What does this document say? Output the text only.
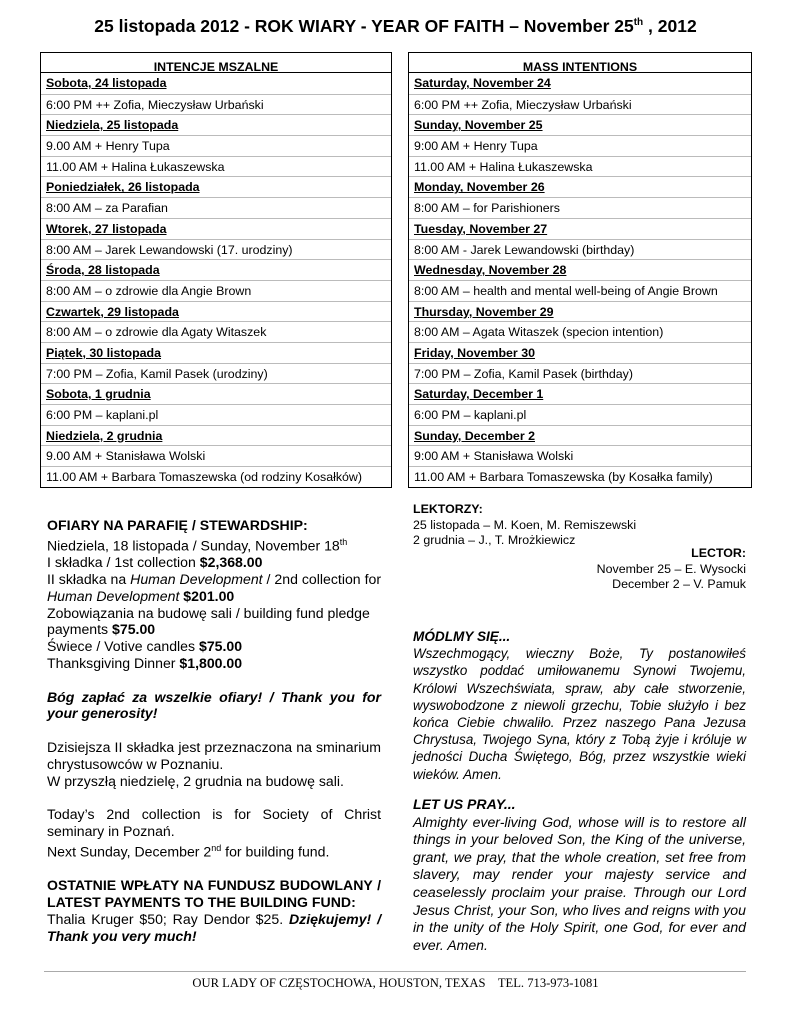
25 listopada 2012 - ROK WIARY - YEAR OF FAITH – November 25th , 2012
INTENCJE MSZALNE
Sobota, 24 listopada
6:00 PM ++ Zofia, Mieczysław Urbański
Niedziela, 25 listopada
9.00 AM + Henry Tupa
11.00 AM + Halina Łukaszewska
Poniedziałek, 26 listopada
8:00 AM – za Parafian
Wtorek, 27 listopada
8:00 AM – Jarek Lewandowski (17. urodziny)
Środa, 28 listopada
8:00 AM – o zdrowie dla Angie Brown
Czwartek, 29 listopada
8:00 AM – o zdrowie dla Agaty Witaszek
Piątek, 30 listopada
7:00 PM – Zofia, Kamil Pasek (urodziny)
Sobota, 1 grudnia
6:00 PM – kaplani.pl
Niedziela, 2 grudnia
9.00 AM + Stanisława Wolski
11.00 AM + Barbara Tomaszewska (od rodziny Kosałków)
MASS INTENTIONS
Saturday, November 24
6:00 PM ++ Zofia, Mieczysław Urbański
Sunday, November 25
9:00 AM + Henry Tupa
11.00 AM + Halina Łukaszewska
Monday, November 26
8:00 AM – for Parishioners
Tuesday, November 27
8:00 AM - Jarek Lewandowski (birthday)
Wednesday, November 28
8:00 AM – health and mental well-being of Angie Brown
Thursday, November 29
8:00 AM – Agata Witaszek (specion intention)
Friday, November 30
7:00 PM – Zofia, Kamil Pasek (birthday)
Saturday, December 1
6:00 PM – kaplani.pl
Sunday, December 2
9:00 AM + Stanisława Wolski
11.00 AM + Barbara Tomaszewska (by Kosałka family)

OFIARY NA PARAFIĘ / STEWARDSHIP:

Niedziela, 18 listopada / Sunday, November 18th

I składka / 1st collection $2,368.00

II składka na Human Development / 2nd collection for Human Development $201.00

Zobowiązania na budowę sali / building fund pledge payments $75.00

Świece / Votive candles $75.00

Thanksgiving Dinner $1,800.00

Bóg zapłać za wszelkie ofiary! / Thank you for your generosity!

Dzisiejsza II składka jest przeznaczona na sminarium chrystusowców w Poznaniu.

W przyszłą niedzielę, 2 grudnia na budowę sali.

Today’s 2nd collection is for Society of Christ seminary in Poznań.

Next Sunday, December 2nd for building fund.

OSTATNIE WPŁATY NA FUNDUSZ BUDOWLANY / LATEST PAYMENTS TO THE BUILDING FUND:

Thalia Kruger $50; Ray Dendor $25. Dziękujemy! / Thank you very much!

LEKTORZY:
25 listopada – M. Koen, M. Remiszewski
2 grudnia – J., T. Mrożkiewicz
LECTOR:
November 25 – E. Wysocki
December 2 – V. Pamuk
MÓDLMY SIĘ...
Wszechmogący, wieczny Boże, Ty postanowiłeś wszystko poddać umiłowanemu Synowi Twojemu, Królowi Wszechświata, spraw, aby całe stworzenie, wyswobodzone z niewoli grzechu, Tobie służyło i bez końca Ciebie chwaliło. Przez naszego Pana Jezusa Chrystusa, Twojego Syna, który z Tobą żyje i króluje w jedności Ducha Świętego, Bóg, przez wszystkie wieki wieków. Amen.
LET US PRAY...
Almighty ever-living God, whose will is to restore all things in your beloved Son, the King of the universe, grant, we pray, that the whole creation, set free from slavery, may render your majesty service and ceaselessly proclaim your praise. Through our Lord Jesus Christ, your Son, who lives and reigns with you in the unity of the Holy Spirit, one God, for ever and ever. Amen.
OUR LADY OF CZĘSTOCHOWA, HOUSTON, TEXAS    TEL. 713-973-1081
